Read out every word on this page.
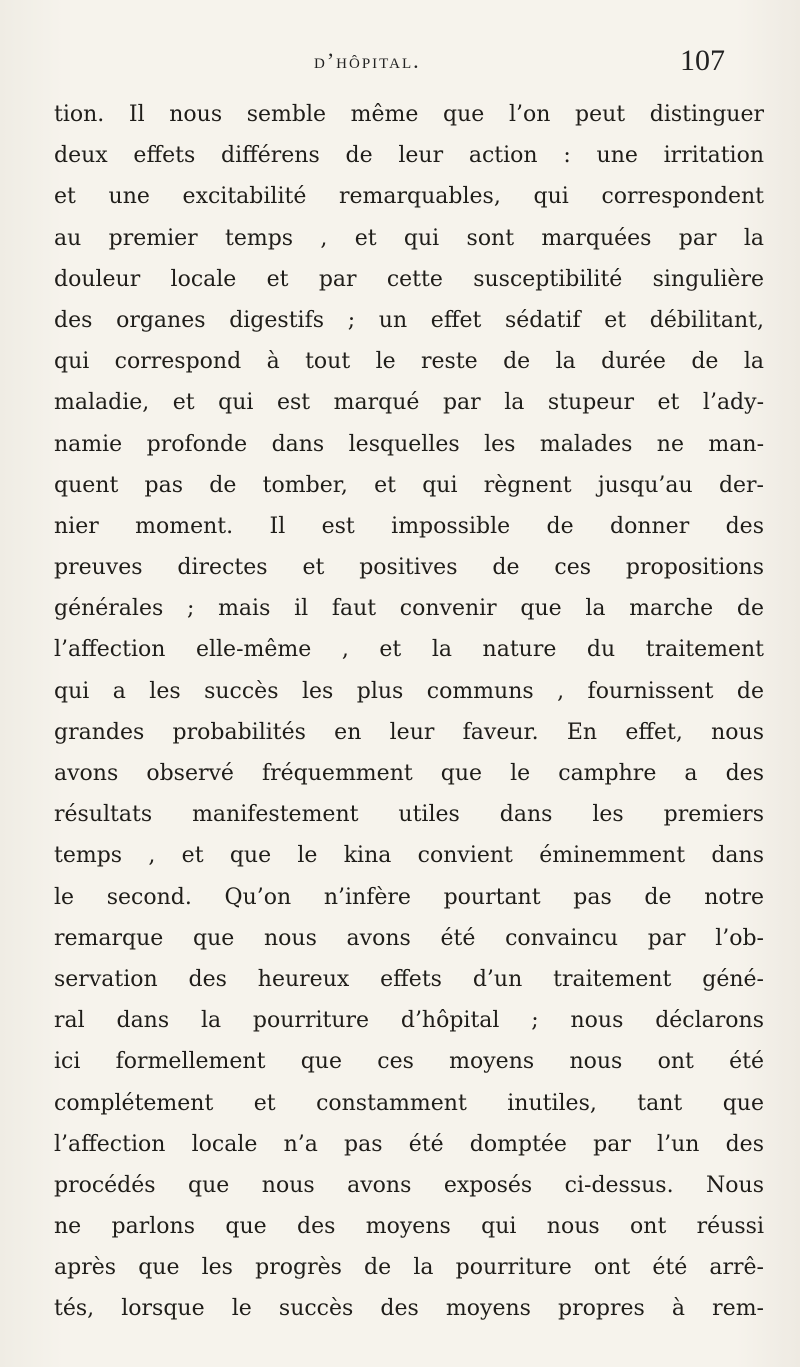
d’hôpital.	107
tion. Il nous semble même que l’on peut distinguer
deux effets différens de leur action : une irritation
et une excitabilité remarquables, qui correspondent
au premier temps , et qui sont marquées par la
douleur locale et par cette susceptibilité singulière
des organes digestifs ; un effet sédatif et débilitant,
qui correspond à tout le reste de la durée de la
maladie, et qui est marqué par la stupeur et l’ady-
namie profonde dans lesquelles les malades ne man-
quent pas de tomber, et qui règnent jusqu’au der-
nier moment. Il est impossible de donner des
preuves directes et positives de ces propositions
générales ; mais il faut convenir que la marche de
l’affection elle-même , et la nature du traitement
qui a les succès les plus communs , fournissent de
grandes probabilités en leur faveur. En effet, nous
avons observé fréquemment que le camphre a des
résultats manifestement utiles dans les premiers
temps , et que le kina convient éminemment dans
le second. Qu’on n’infère pourtant pas de notre
remarque que nous avons été convaincu par l’ob-
servation des heureux effets d’un traitement géné-
ral dans la pourriture d’hôpital ; nous déclarons
ici formellement que ces moyens nous ont été
complétement et constamment inutiles, tant que
l’affection locale n’a pas été domptée par l’un des
procédés que nous avons exposés ci-dessus. Nous
ne parlons que des moyens qui nous ont réussi
après que les progrès de la pourriture ont été arrê-
tés, lorsque le succès des moyens propres à rem-
